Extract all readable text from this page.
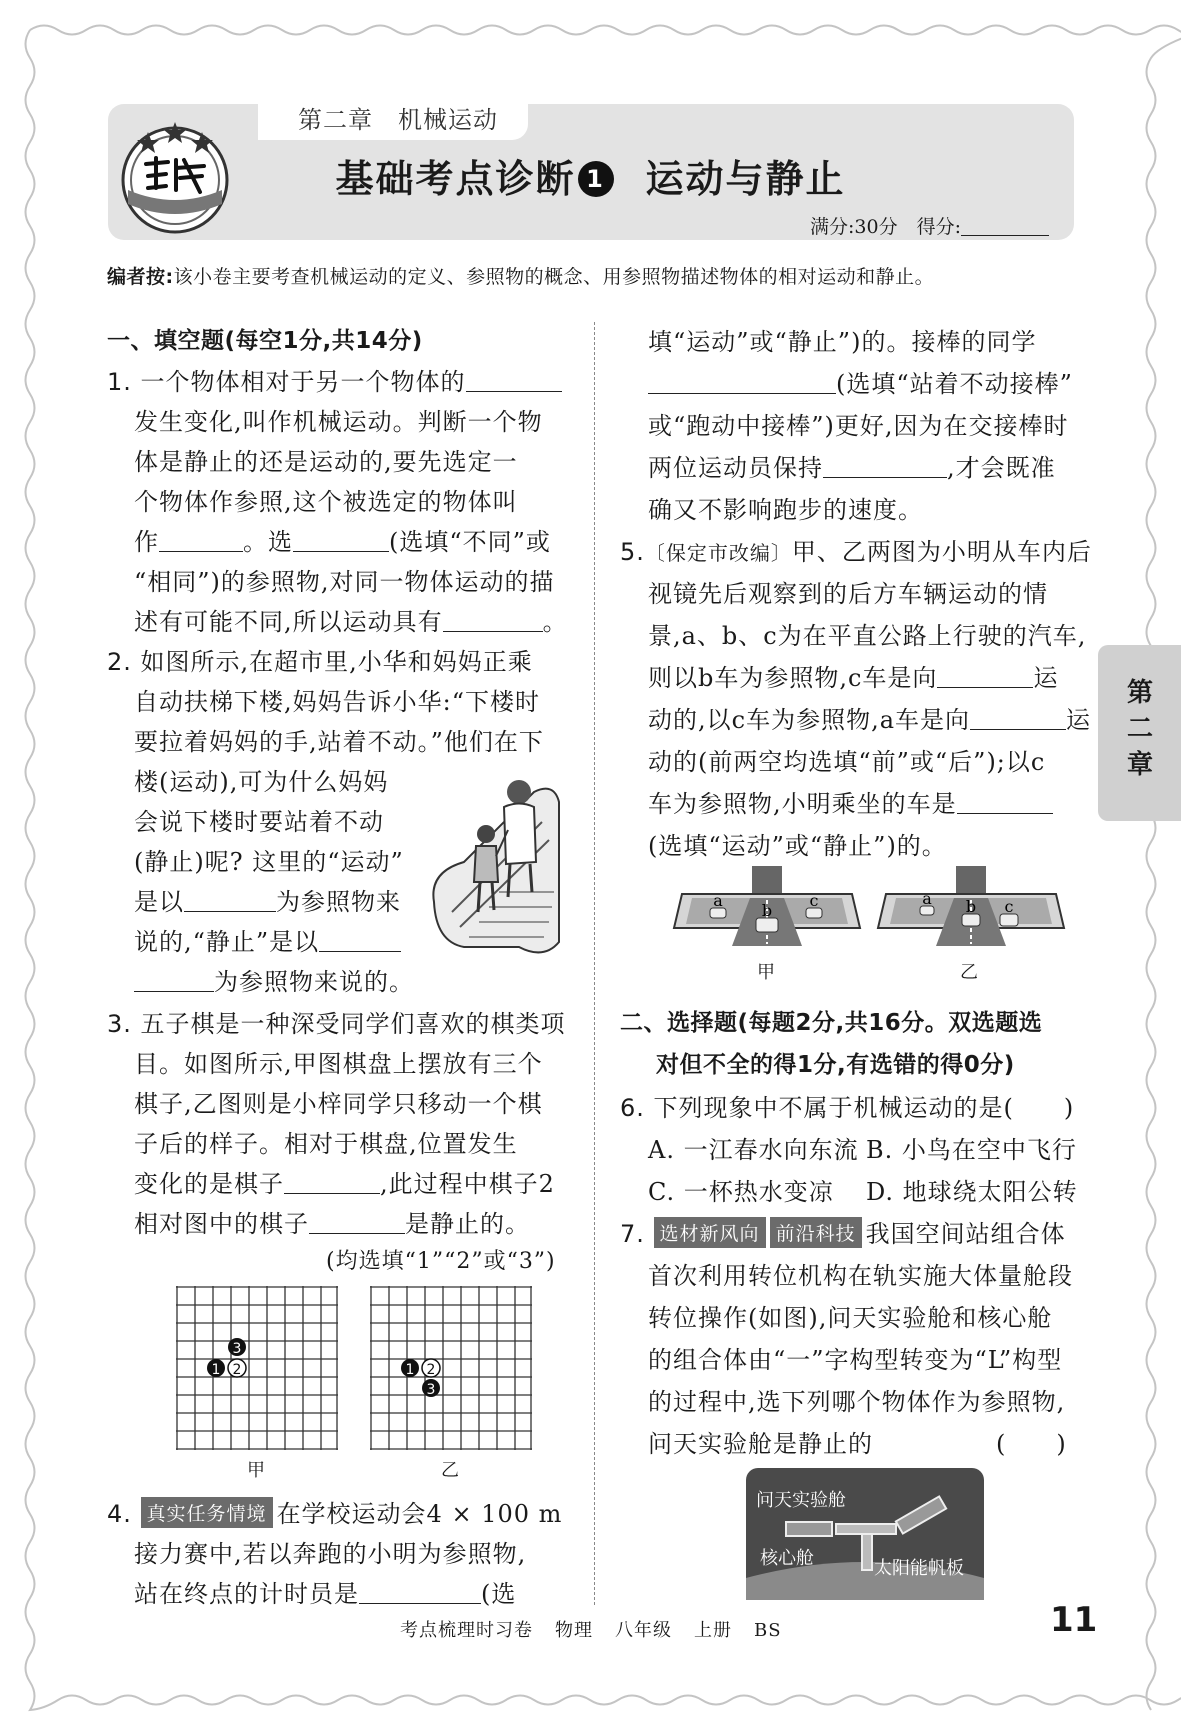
第二章　机械运动
基础考点诊断 1 运动与静止
满分:30分　 得分:
编者按:该小卷主要考查机械运动的定义、参照物的概念、用参照物描述物体的相对运动和静止。
第二章
一、填空题(每空1分,共14分)
1. 一个物体相对于另一个物体的
发生变化,叫作机械运动。判断一个物
体是静止的还是运动的,要先选定一
个物体作参照,这个被选定的物体叫
作	。选	(选填“不同”或
“相同”)的参照物,对同一物体运动的描
述有可能不同,所以运动具有	。
2. 如图所示,在超市里,小华和妈妈正乘
自动扶梯下楼,妈妈告诉小华:“下楼时
要拉着妈妈的手,站着不动。”他们在下
楼(运动),可为什么妈妈
会说下楼时要站着不动
(静止)呢? 这里的“运动”
是以	为参照物来
说的,“静止”是以
为参照物来说的。
3. 五子棋是一种深受同学们喜欢的棋类项
目。如图所示,甲图棋盘上摆放有三个
棋子,乙图则是小梓同学只移动一个棋
子后的样子。相对于棋盘,位置发生
变化的是棋子	,此过程中棋子2
相对图中的棋子	是静止的。
(均选填“1”“2”或“3”)
1 2
3
1 2
3
甲	乙
4. 真实任务情境 在学校运动会4 × 100 m
接力赛中,若以奔跑的小明为参照物,
站在终点的计时员是	(选
填“运动”或“静止”)的。接棒的同学
(选填“站着不动接棒”
或“跑动中接棒”)更好,因为在交接棒时
两位运动员保持	,才会既准
确又不影响跑步的速度。
5.〔保定市改编〕甲、乙两图为小明从车内后
视镜先后观察到的后方车辆运动的情
景,a、b、c为在平直公路上行驶的汽车,
则以b车为参照物,c车是向	运
动的,以c车为参照物,a车是向	运
动的(前两空均选填“前”或“后”);以c
车为参照物,小明乘坐的车是
(选填“运动”或“静止”)的。
a
b
c	a b c
甲	乙
二、选择题(每题2分,共16分。双选题选
对但不全的得1分,有选错的得0分)
6. 下列现象中不属于机械运动的是(　　)
A. 一江春水向东流 B. 小鸟在空中飞行
C. 一杯热水变凉 D. 地球绕太阳公转
7. 选材新风向 前沿科技 我国空间站组合体
首次利用转位机构在轨实施大体量舱段
转位操作(如图),问天实验舱和核心舱
的组合体由“一”字构型转变为“L”构型
的过程中,选下列哪个物体作为参照物,
问天实验舱是静止的	(　　)
问天实验舱
核心舱	太阳能帆板
考点梳理时习卷 物理 八年级 上册 BS	11
